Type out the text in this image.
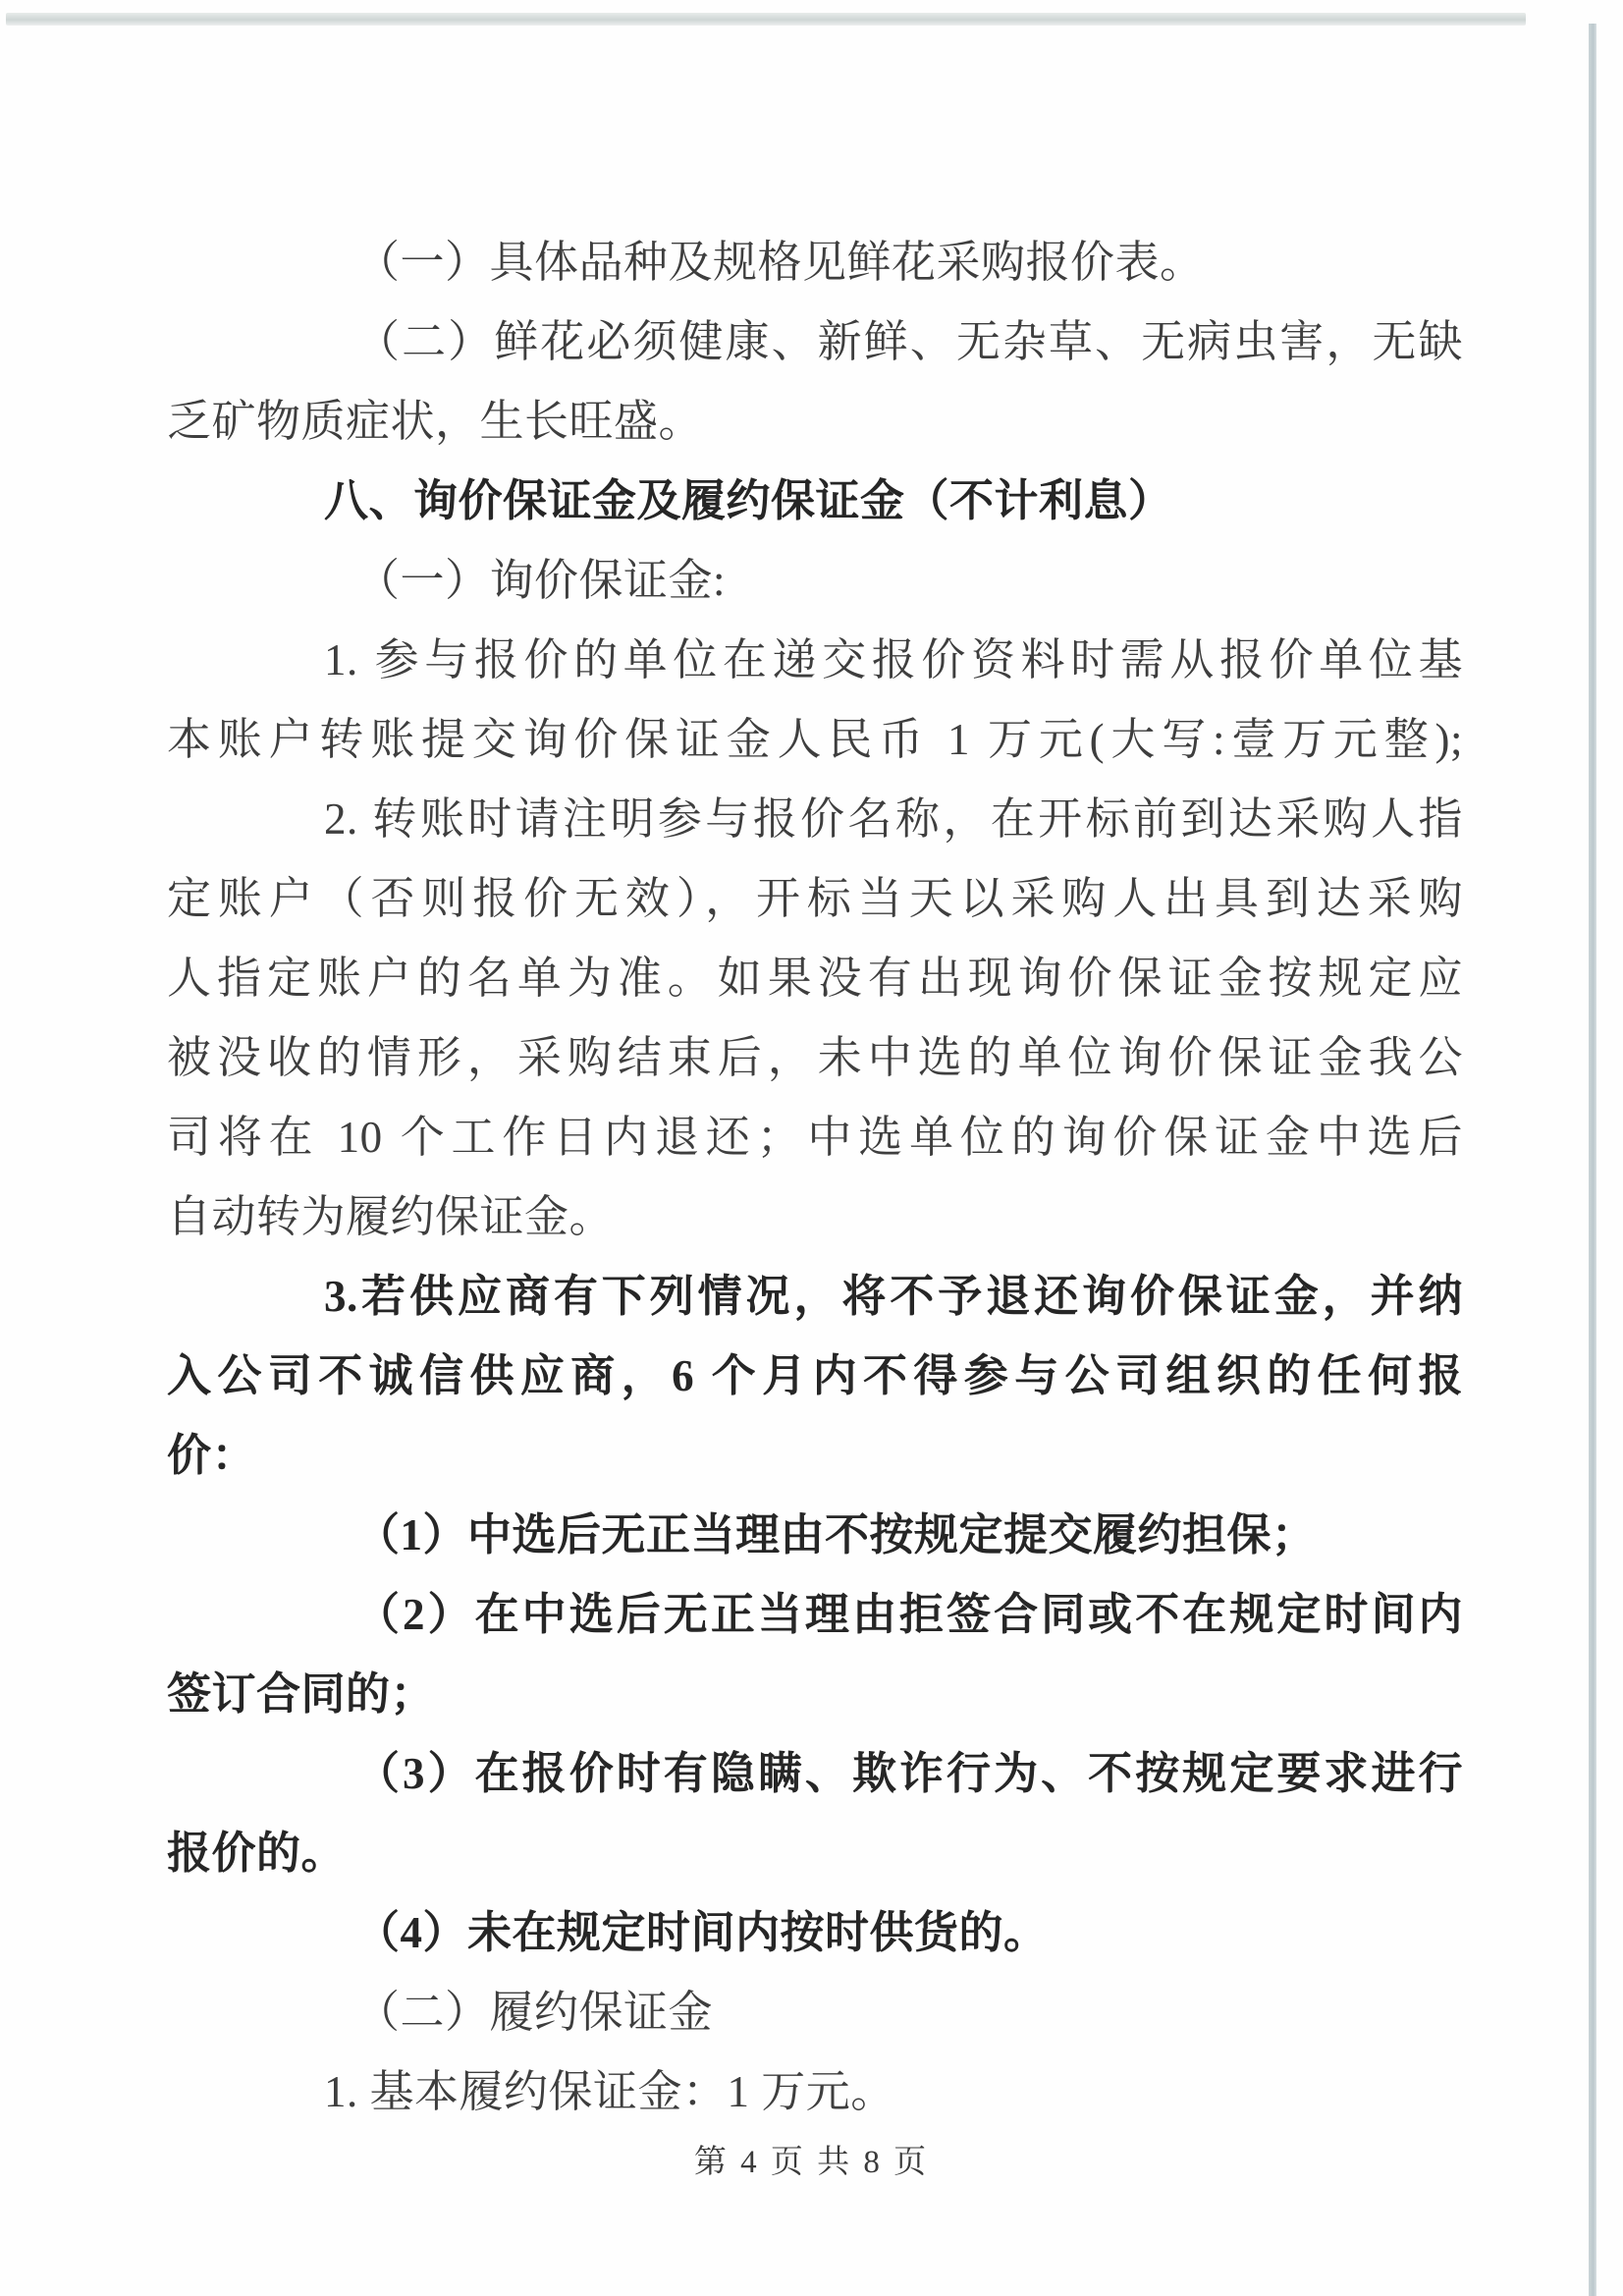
（一）具体品种及规格见鲜花采购报价表。
（二）鲜花必须健康、新鲜、无杂草、无病虫害，无缺
乏矿物质症状，生长旺盛。
八、询价保证金及履约保证金（不计利息）
（一）询价保证金:
1. 参与报价的单位在递交报价资料时需从报价单位基
本账户转账提交询价保证金人民币 1 万元(大写:壹万元整);
2. 转账时请注明参与报价名称，在开标前到达采购人指
定账户（否则报价无效），开标当天以采购人出具到达采购
人指定账户的名单为准。如果没有出现询价保证金按规定应
被没收的情形，采购结束后，未中选的单位询价保证金我公
司将在 10 个工作日内退还；中选单位的询价保证金中选后
自动转为履约保证金。
3.若供应商有下列情况，将不予退还询价保证金，并纳
入公司不诚信供应商，6 个月内不得参与公司组织的任何报
价：
（1）中选后无正当理由不按规定提交履约担保；
（2）在中选后无正当理由拒签合同或不在规定时间内
签订合同的；
（3）在报价时有隐瞒、欺诈行为、不按规定要求进行
报价的。
（4）未在规定时间内按时供货的。
（二）履约保证金
1. 基本履约保证金：1 万元。
第 4 页 共 8 页
